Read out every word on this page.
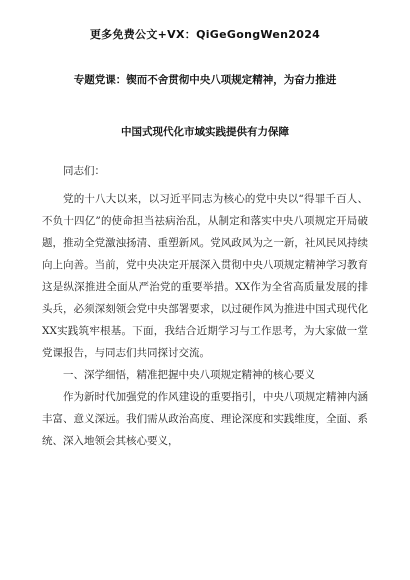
更多免费公文+VX：QiGeGongWen2024
专题党课：锲而不舍贯彻中央八项规定精神，为奋力推进
中国式现代化市域实践提供有力保障

同志们：

党的十八大以来，以习近平同志为核心的党中央以“得罪千百人、不负十四亿”的使命担当祛病治乱，从制定和落实中央八项规定开局破题，推动全党激浊扬清、重塑新风。党风政风为之一新，社风民风持续向上向善。当前，党中央决定开展深入贯彻中央八项规定精神学习教育这是纵深推进全面从严治党的重要举措。XX作为全省高质量发展的排头兵，必须深刻领会党中央部署要求，以过硬作风为推进中国式现代化XX实践筑牢根基。下面，我结合近期学习与工作思考，为大家做一堂党课报告，与同志们共同探讨交流。

一、深学细悟，精准把握中央八项规定精神的核心要义

作为新时代加强党的作风建设的重要指引，中央八项规定精神内涵丰富、意义深远。我们需从政治高度、理论深度和实践维度，全面、系统、深入地领会其核心要义，
